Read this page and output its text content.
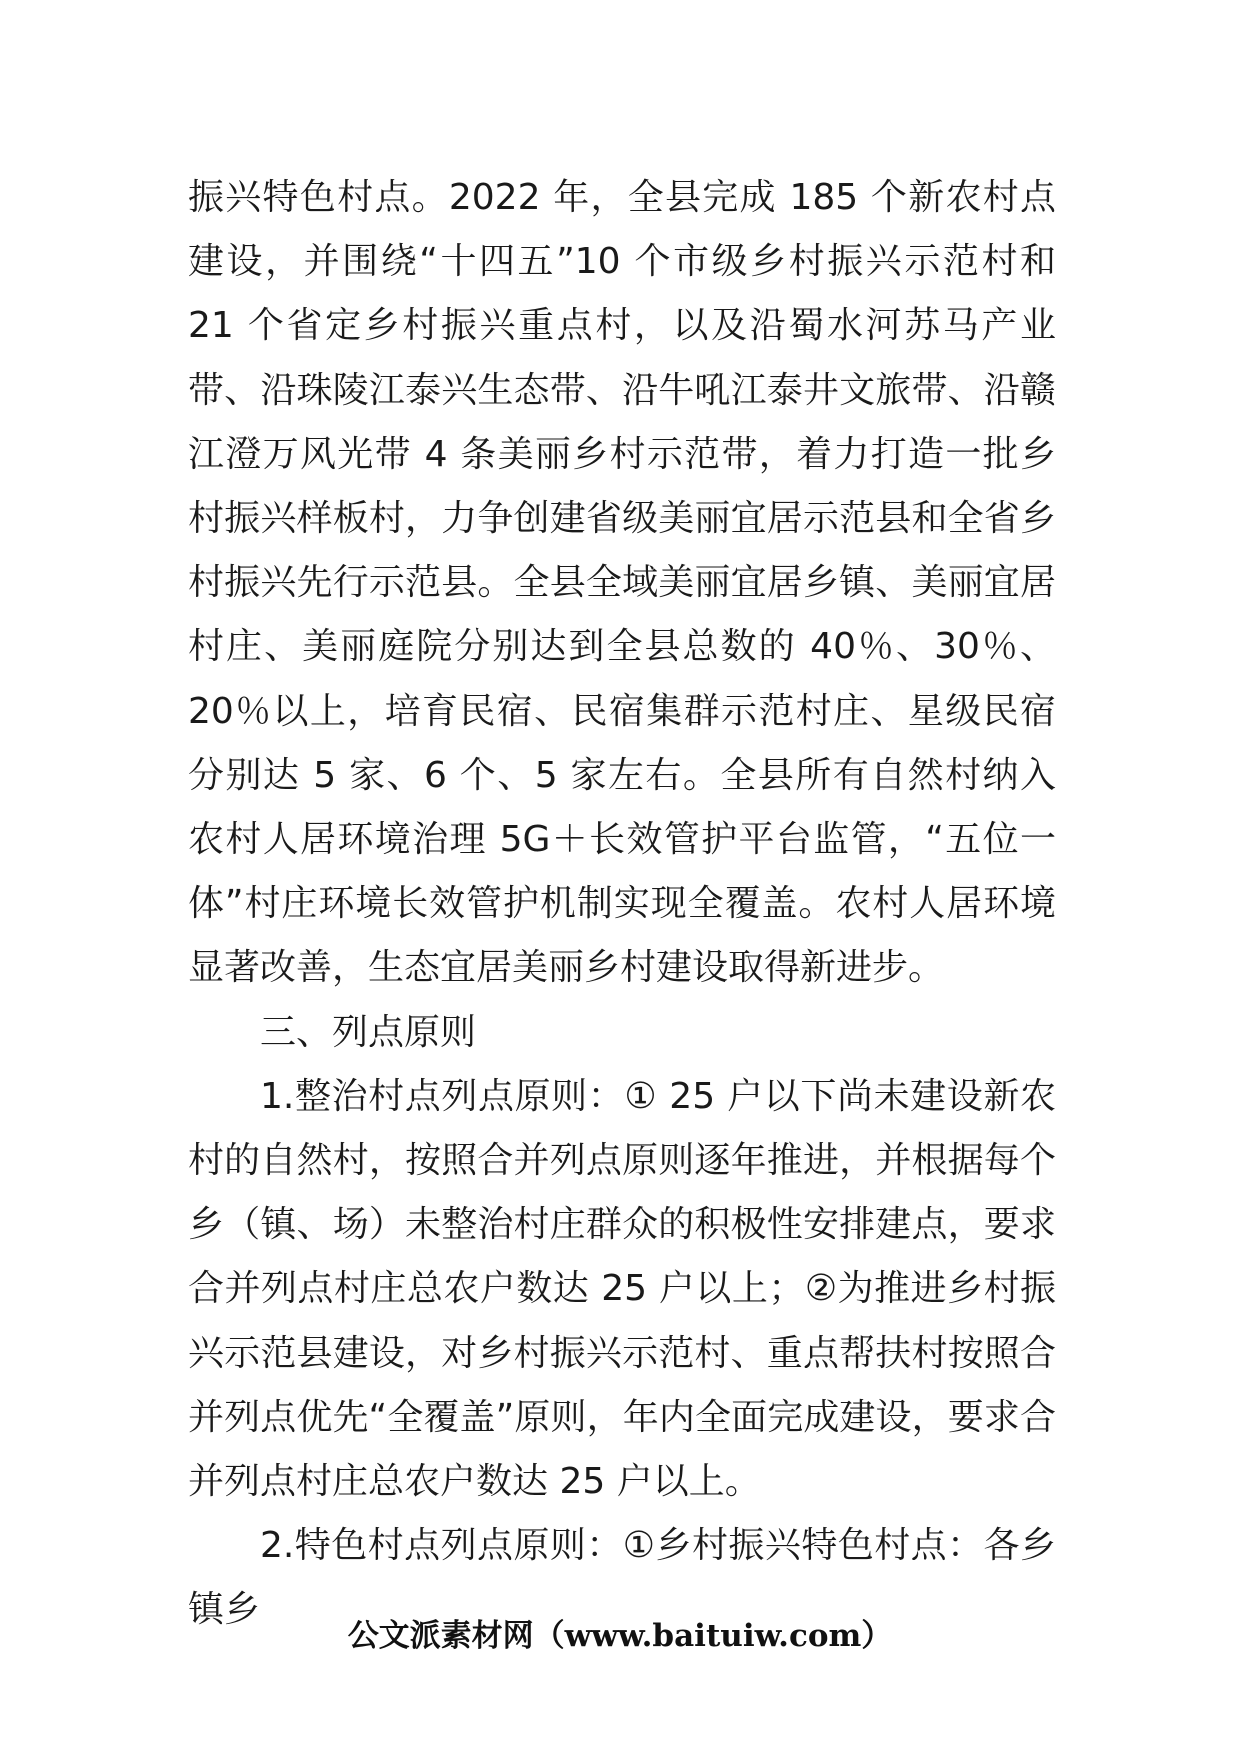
振兴特色村点。2022 年，全县完成 185 个新农村点建设，并围绕“十四五”10 个市级乡村振兴示范村和 21 个省定乡村振兴重点村，以及沿蜀水河苏马产业带、沿珠陵江泰兴生态带、沿牛吼江泰井文旅带、沿赣江澄万风光带 4 条美丽乡村示范带，着力打造一批乡村振兴样板村，力争创建省级美丽宜居示范县和全省乡村振兴先行示范县。全县全域美丽宜居乡镇、美丽宜居村庄、美丽庭院分别达到全县总数的 40％、30％、20％以上，培育民宿、民宿集群示范村庄、星级民宿分别达 5 家、6 个、5 家左右。全县所有自然村纳入农村人居环境治理 5G＋长效管护平台监管，“五位一体”村庄环境长效管护机制实现全覆盖。农村人居环境显著改善，生态宜居美丽乡村建设取得新进步。

三、列点原则

1.整治村点列点原则：① 25 户以下尚未建设新农村的自然村，按照合并列点原则逐年推进，并根据每个乡（镇、场）未整治村庄群众的积极性安排建点，要求合并列点村庄总农户数达 25 户以上；②为推进乡村振兴示范县建设，对乡村振兴示范村、重点帮扶村按照合并列点优先“全覆盖”原则，年内全面完成建设，要求合并列点村庄总农户数达 25 户以上。

2.特色村点列点原则：①乡村振兴特色村点：各乡镇乡

公文派素材网（www.baituiw.com）
